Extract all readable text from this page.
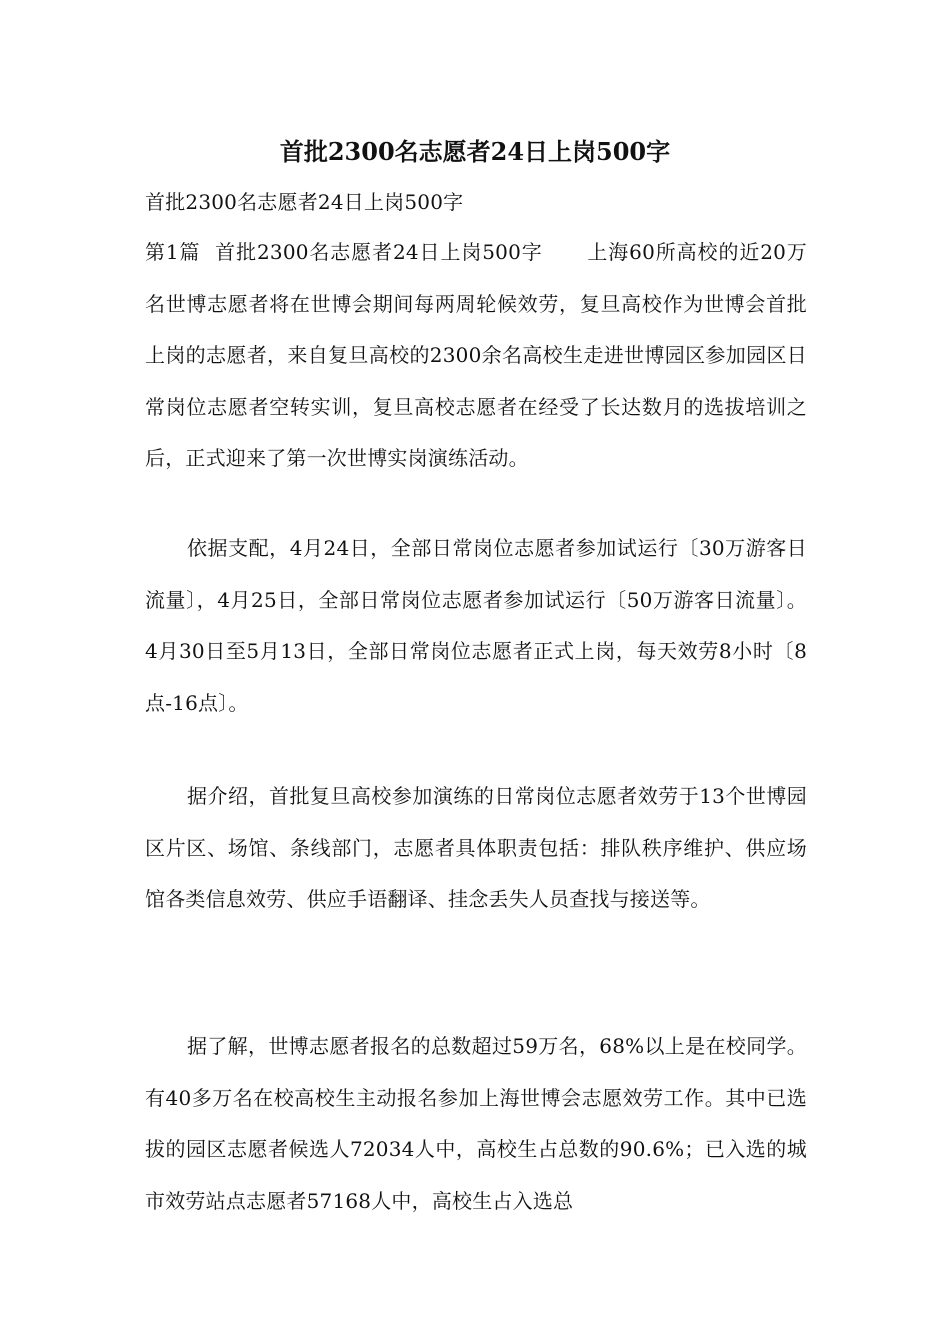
首批2300名志愿者24日上岗500字
首批2300名志愿者24日上岗500字
第1篇 首批2300名志愿者24日上岗500字 上海60所高校的近20万名世博志愿者将在世博会期间每两周轮候效劳，复旦高校作为世博会首批上岗的志愿者，来自复旦高校的2300余名高校生走进世博园区参加园区日常岗位志愿者空转实训，复旦高校志愿者在经受了长达数月的选拔培训之后，正式迎来了第一次世博实岗演练活动。
依据支配，4月24日，全部日常岗位志愿者参加试运行〔30万游客日流量〕，4月25日，全部日常岗位志愿者参加试运行〔50万游客日流量〕。4月30日至5月13日，全部日常岗位志愿者正式上岗，每天效劳8小时〔8点-16点〕。
据介绍，首批复旦高校参加演练的日常岗位志愿者效劳于13个世博园区片区、场馆、条线部门，志愿者具体职责包括：排队秩序维护、供应场馆各类信息效劳、供应手语翻译、挂念丢失人员查找与接送等。
据了解，世博志愿者报名的总数超过59万名，68%以上是在校同学。有40多万名在校高校生主动报名参加上海世博会志愿效劳工作。其中已选拔的园区志愿者候选人72034人中，高校生占总数的90.6%；已入选的城市效劳站点志愿者57168人中，高校生占入选总
